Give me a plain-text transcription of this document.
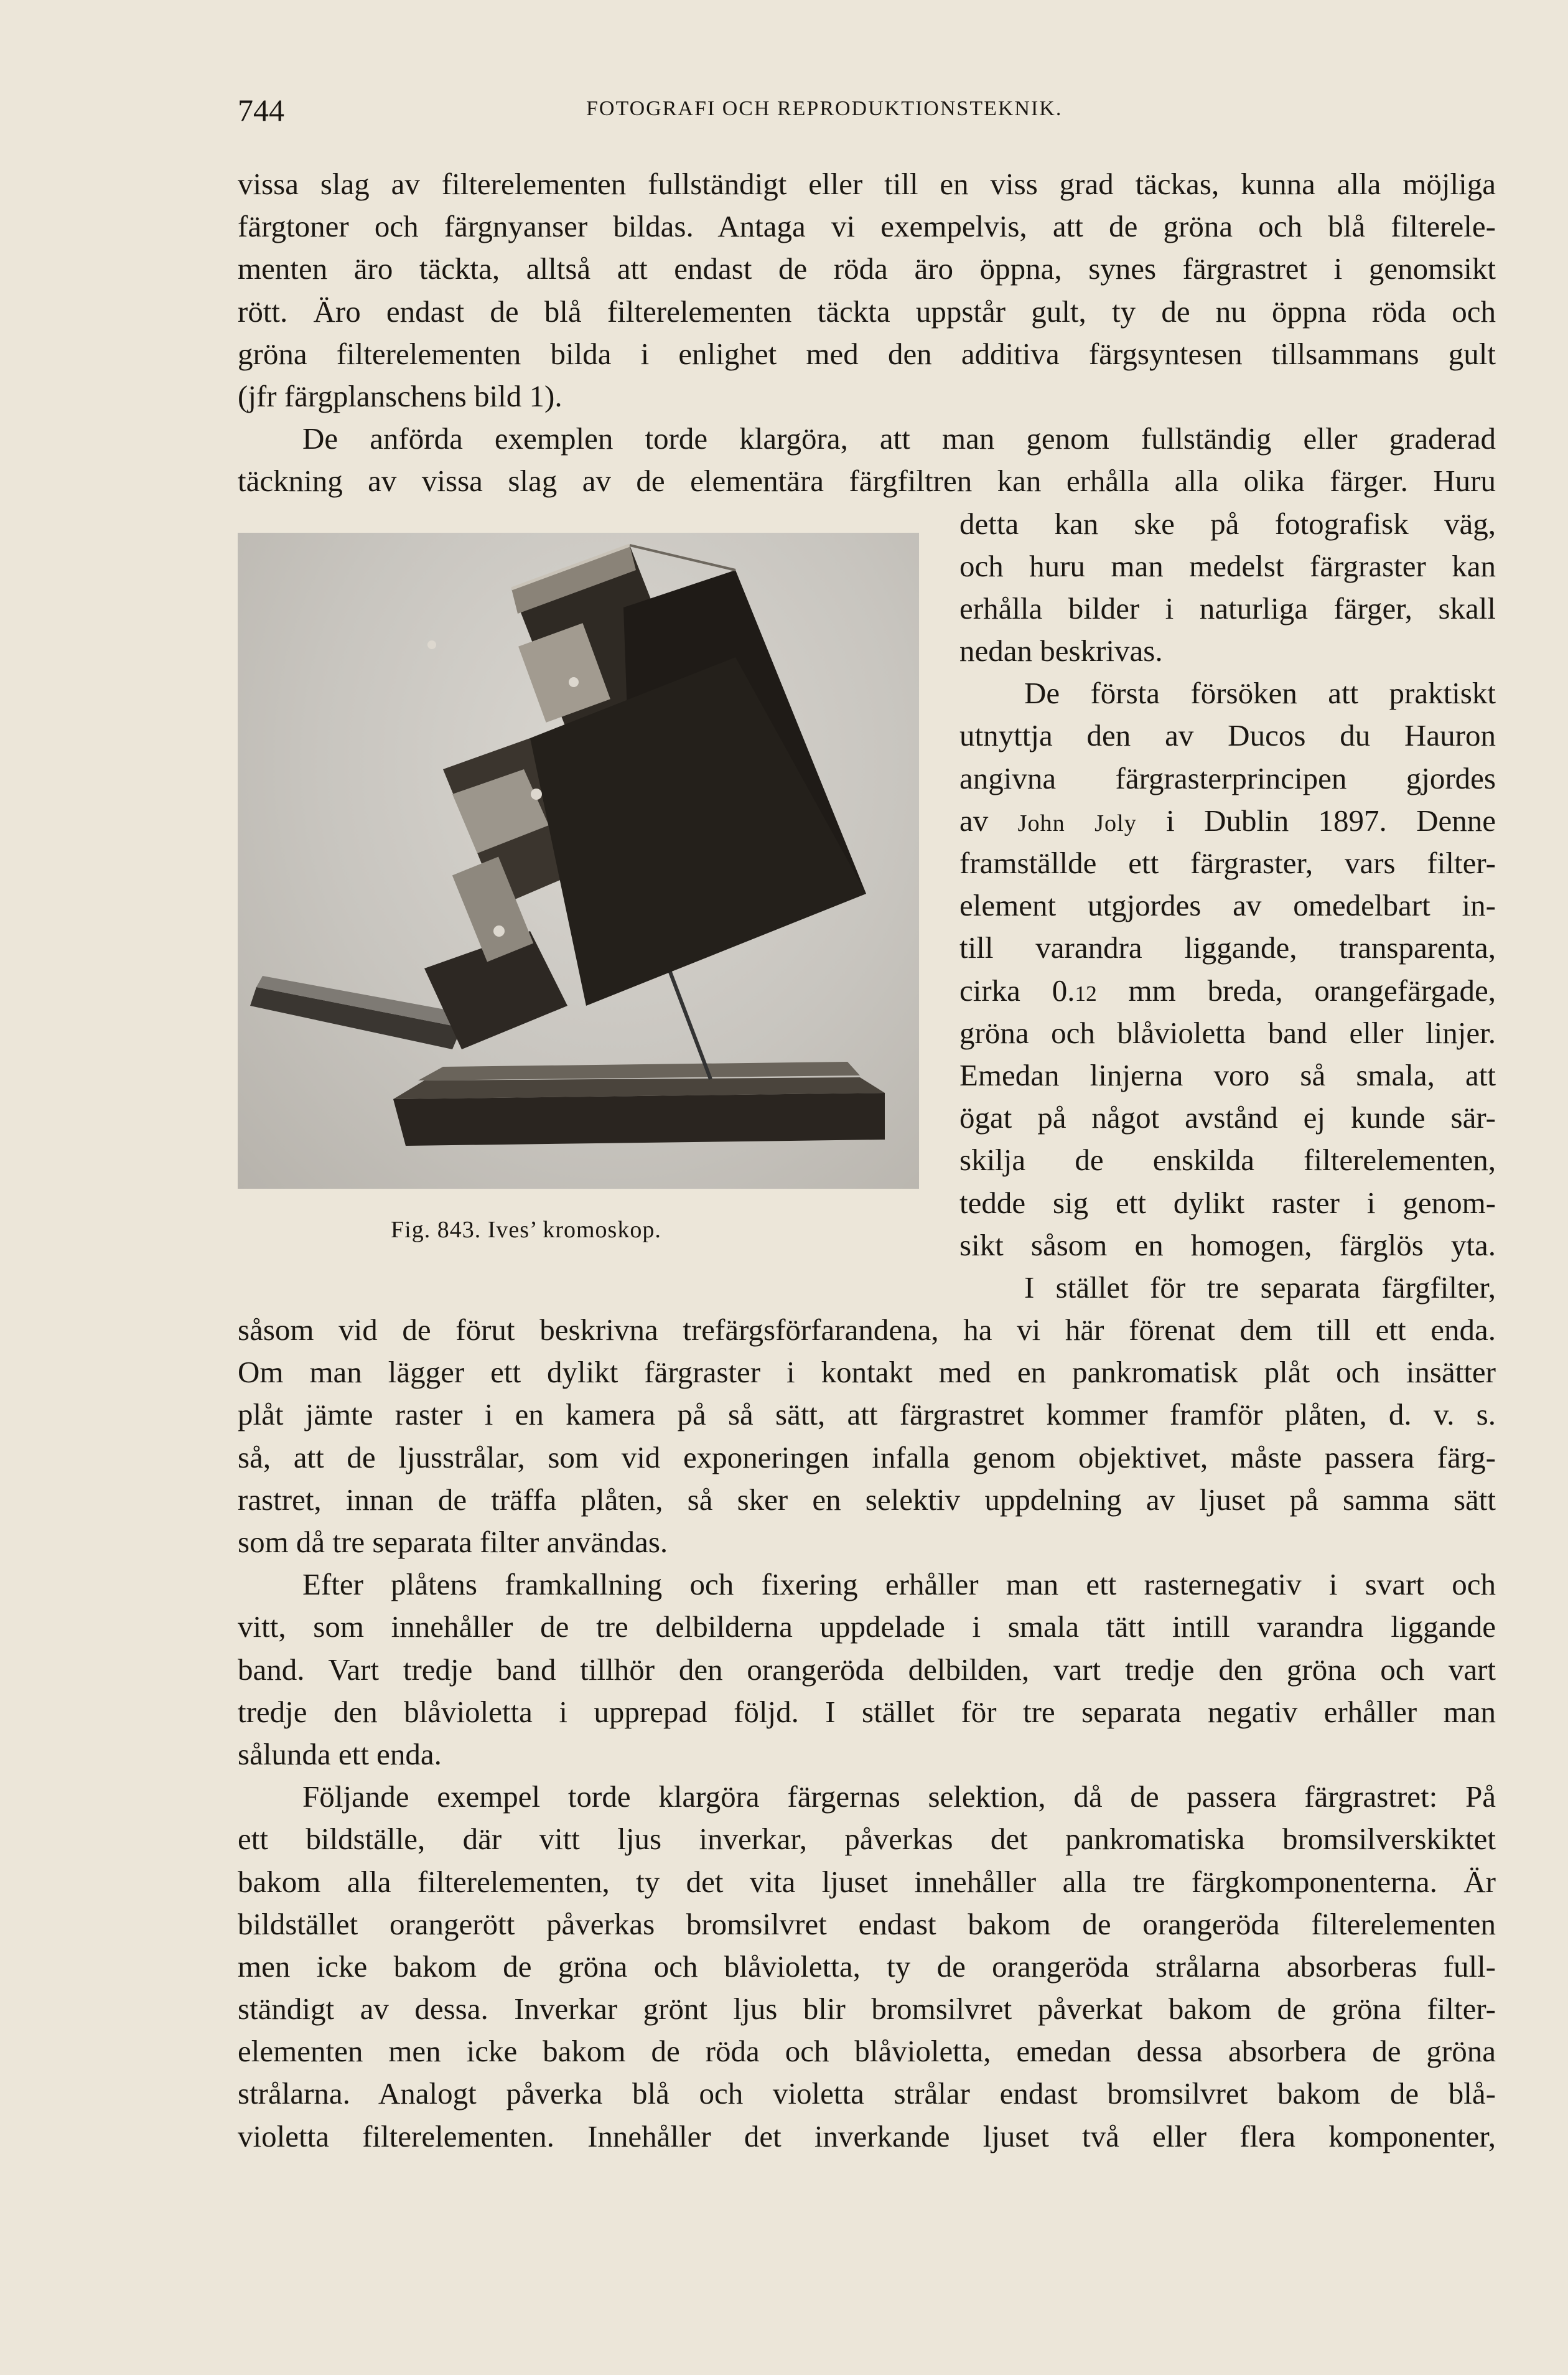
744	FOTOGRAFI OCH REPRODUKTIONSTEKNIK.
vissa slag av filterelementen fullständigt eller till en viss grad täckas, kunna alla möjliga
färgtoner och färgnyanser bildas. Antaga vi exempelvis, att de gröna och blå filterele-
menten äro täckta, alltså att endast de röda äro öppna, synes färgrastret i genomsikt
rött. Äro endast de blå filterelementen täckta uppstår gult, ty de nu öppna röda och
gröna filterelementen bilda i enlighet med den additiva färgsyntesen tillsammans gult
(jfr färgplanschens bild 1).
De anförda exemplen torde klargöra, att man genom fullständig eller graderad
täckning av vissa slag av de elementära färgfiltren kan erhålla alla olika färger. Huru
Fig. 843. Ives’ kromoskop.
detta kan ske på fotografisk väg,
och huru man medelst färgraster kan
erhålla bilder i naturliga färger, skall
nedan beskrivas.
De första försöken att praktiskt
utnyttja den av Ducos du Hauron
angivna färgrasterprincipen gjordes
av John Joly i Dublin 1897. Denne
framställde ett färgraster, vars filter-
element utgjordes av omedelbart in-
till varandra liggande, transparenta,
cirka 0.12 mm breda, orangefärgade,
gröna och blåvioletta band eller linjer.
Emedan linjerna voro så smala, att
ögat på något avstånd ej kunde sär-
skilja de enskilda filterelementen,
tedde sig ett dylikt raster i genom-
sikt såsom en homogen, färglös yta.
I stället för tre separata färgfilter,
såsom vid de förut beskrivna trefärgsförfarandena, ha vi här förenat dem till ett enda.
Om man lägger ett dylikt färgraster i kontakt med en pankromatisk plåt och insätter
plåt jämte raster i en kamera på så sätt, att färgrastret kommer framför plåten, d. v. s.
så, att de ljusstrålar, som vid exponeringen infalla genom objektivet, måste passera färg-
rastret, innan de träffa plåten, så sker en selektiv uppdelning av ljuset på samma sätt
som då tre separata filter användas.
Efter plåtens framkallning och fixering erhåller man ett rasternegativ i svart och
vitt, som innehåller de tre delbilderna uppdelade i smala tätt intill varandra liggande
band. Vart tredje band tillhör den orangeröda delbilden, vart tredje den gröna och vart
tredje den blåvioletta i upprepad följd. I stället för tre separata negativ erhåller man
sålunda ett enda.
Följande exempel torde klargöra färgernas selektion, då de passera färgrastret: På
ett bildställe, där vitt ljus inverkar, påverkas det pankromatiska bromsilverskiktet
bakom alla filterelementen, ty det vita ljuset innehåller alla tre färgkomponenterna. Är
bildstället orangerött påverkas bromsilvret endast bakom de orangeröda filterelementen
men icke bakom de gröna och blåvioletta, ty de orangeröda strålarna absorberas full-
ständigt av dessa. Inverkar grönt ljus blir bromsilvret påverkat bakom de gröna filter-
elementen men icke bakom de röda och blåvioletta, emedan dessa absorbera de gröna
strålarna. Analogt påverka blå och violetta strålar endast bromsilvret bakom de blå-
violetta filterelementen. Innehåller det inverkande ljuset två eller flera komponenter,
